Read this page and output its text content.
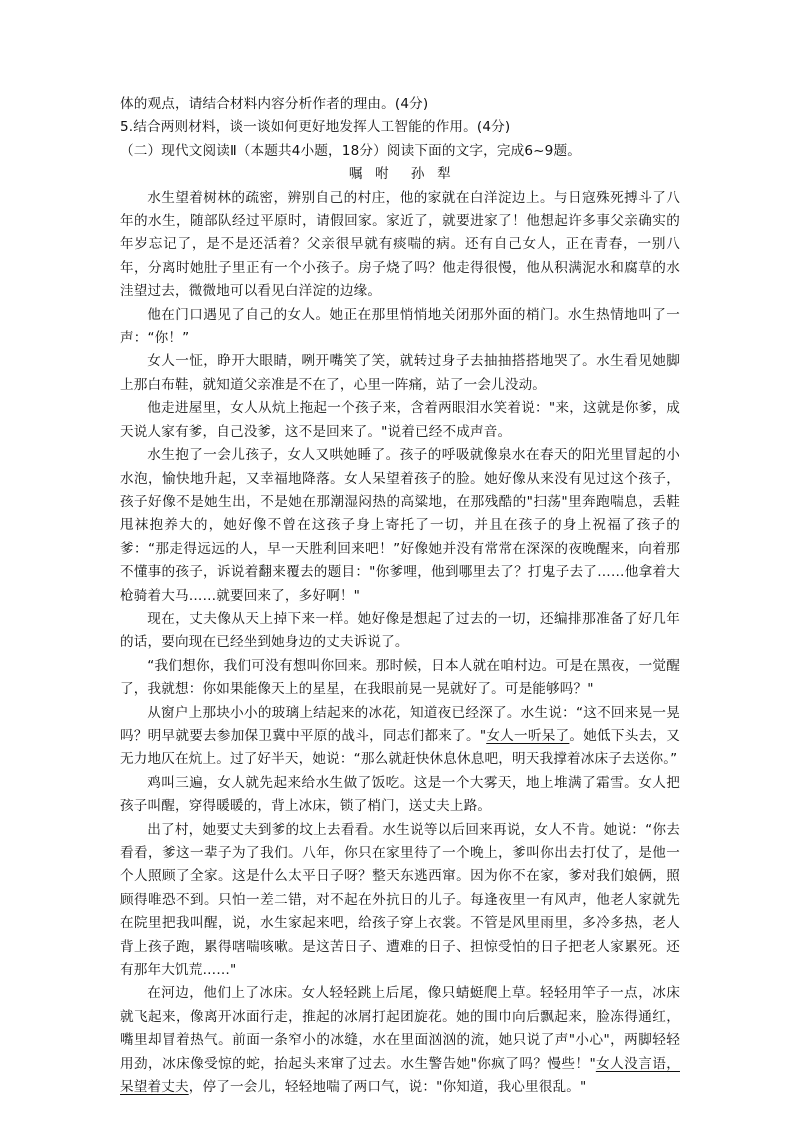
体的观点，请结合材料内容分析作者的理由。(4分)

5.结合两则材料，谈一谈如何更好地发挥人工智能的作用。(4分)

（二）现代文阅读Ⅱ（本题共4小题，18分）阅读下面的文字，完成6~9题。

嘱 咐 孙 犁

水生望着树林的疏密，辨别自己的村庄，他的家就在白洋淀边上。与日寇殊死搏斗了八年的水生，随部队经过平原时，请假回家。家近了，就要进家了！他想起许多事父亲确实的年岁忘记了，是不是还活着？父亲很早就有痰喘的病。还有自己女人，正在青春，一别八年，分离时她肚子里正有一个小孩子。房子烧了吗？他走得很慢，他从积满泥水和腐草的水洼望过去，微微地可以看见白洋淀的边缘。

他在门口遇见了自己的女人。她正在那里悄悄地关闭那外面的梢门。水生热情地叫了一声：“你！”

女人一怔，睁开大眼睛，咧开嘴笑了笑，就转过身子去抽抽搭搭地哭了。水生看见她脚上那白布鞋，就知道父亲准是不在了，心里一阵痛，站了一会儿没动。

他走进屋里，女人从炕上拖起一个孩子来，含着两眼泪水笑着说："来，这就是你爹，成天说人家有爹，自己没爹，这不是回来了。"说着已经不成声音。

水生抱了一会儿孩子，女人又哄她睡了。孩子的呼吸就像泉水在春天的阳光里冒起的小水泡，愉快地升起，又幸福地降落。女人呆望着孩子的脸。她好像从来没有见过这个孩子，孩子好像不是她生出，不是她在那潮湿闷热的高粱地，在那残酷的"扫荡"里奔跑喘息，丢鞋甩袜抱养大的，她好像不曾在这孩子身上寄托了一切，并且在孩子的身上祝福了孩子的爹：“那走得远远的人，早一天胜利回来吧！”好像她并没有常常在深深的夜晚醒来，向着那不懂事的孩子，诉说着翻来覆去的题目："你爹哩，他到哪里去了？打鬼子去了……他拿着大枪骑着大马……就要回来了，多好啊！"

现在，丈夫像从天上掉下来一样。她好像是想起了过去的一切，还编排那准备了好几年的话，要向现在已经坐到她身边的丈夫诉说了。

“我们想你，我们可没有想叫你回来。那时候，日本人就在咱村边。可是在黑夜，一觉醒了，我就想：你如果能像天上的星星，在我眼前晃一晃就好了。可是能够吗？"

从窗户上那块小小的玻璃上结起来的冰花，知道夜已经深了。水生说：“这不回来晃一晃吗？明早就要去参加保卫冀中平原的战斗，同志们都来了。"女人一听呆了。她低下头去，又无力地仄在炕上。过了好半天，她说：“那么就赶快休息休息吧，明天我撑着冰床子去送你。”

鸡叫三遍，女人就先起来给水生做了饭吃。这是一个大雾天，地上堆满了霜雪。女人把孩子叫醒，穿得暖暖的，背上冰床，锁了梢门，送丈夫上路。

出了村，她要丈夫到爹的坟上去看看。水生说等以后回来再说，女人不肯。她说：“你去看看，爹这一辈子为了我们。八年，你只在家里待了一个晚上，爹叫你出去打仗了，是他一个人照顾了全家。这是什么太平日子呀？整天东逃西窜。因为你不在家，爹对我们娘俩，照顾得唯恐不到。只怕一差二错，对不起在外抗日的儿子。每逢夜里一有风声，他老人家就先在院里把我叫醒，说，水生家起来吧，给孩子穿上衣裳。不管是风里雨里，多冷多热，老人背上孩子跑，累得嗐喘咳嗽。是这苦日子、遭难的日子、担惊受怕的日子把老人家累死。还有那年大饥荒……"

在河边，他们上了冰床。女人轻轻跳上后尾，像只蜻蜓爬上草。轻轻用竿子一点，冰床就飞起来，像离开冰面行走，推起的冰屑打起团旋花。她的围巾向后飘起来，脸冻得通红，嘴里却冒着热气。前面一条窄小的冰缝，水在里面汹汹的流，她只说了声"小心"，两脚轻轻用劲，冰床像受惊的蛇，抬起头来窜了过去。水生警告她"你疯了吗？慢些！"女人没言语，呆望着丈夫，停了一会儿，轻轻地喘了两口气，说："你知道，我心里很乱。"
